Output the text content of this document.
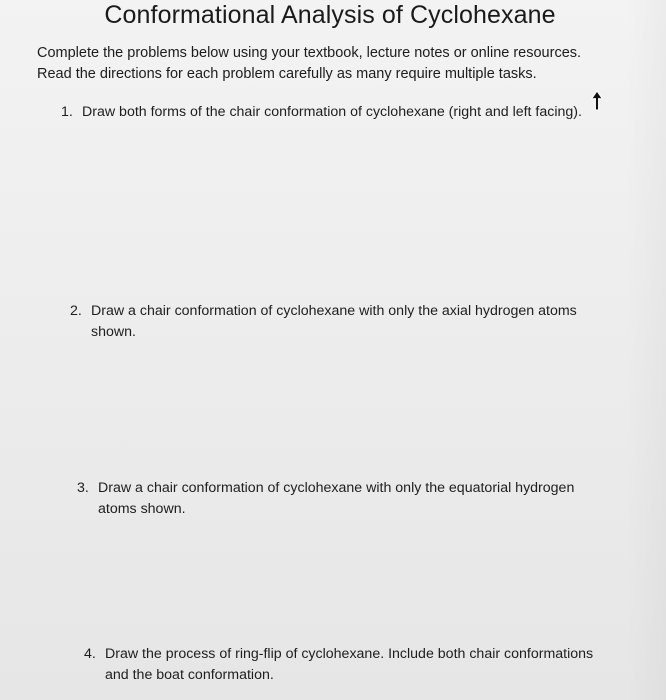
Conformational Analysis of Cyclohexane
Complete the problems below using your textbook, lecture notes or online resources.
Read the directions for each problem carefully as many require multiple tasks.
1. Draw both forms of the chair conformation of cyclohexane (right and left facing).
2. Draw a chair conformation of cyclohexane with only the axial hydrogen atoms shown.
3. Draw a chair conformation of cyclohexane with only the equatorial hydrogen atoms shown.
4. Draw the process of ring-flip of cyclohexane. Include both chair conformations and the boat conformation.
